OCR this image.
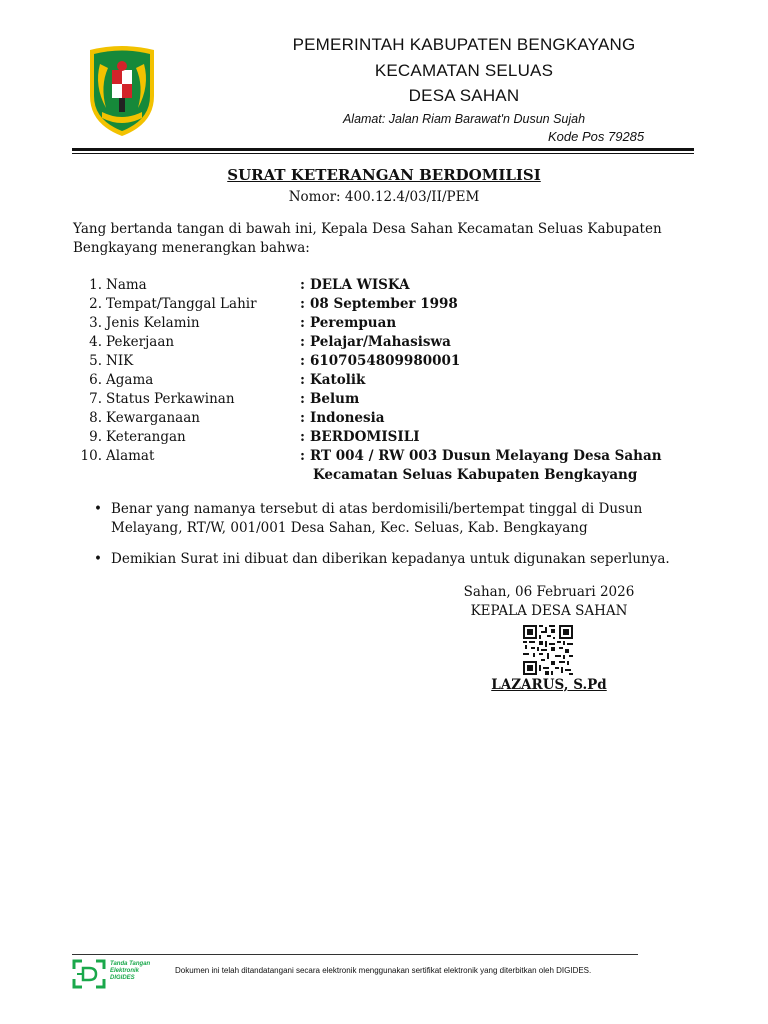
PEMERINTAH KABUPATEN BENGKAYANG
KECAMATAN SELUAS
DESA SAHAN
Alamat: Jalan Riam Barawat'n Dusun Sujah
Kode Pos 79285
SURAT KETERANGAN BERDOMILISI
Nomor: 400.12.4/03/II/PEM
Yang bertanda tangan di bawah ini, Kepala Desa Sahan Kecamatan Seluas Kabupaten Bengkayang menerangkan bahwa:
1. Nama	: DELA WISKA
2. Tempat/Tanggal Lahir	: 08 September 1998
3. Jenis Kelamin	: Perempuan
4. Pekerjaan	: Pelajar/Mahasiswa
5. NIK	: 6107054809980001
6. Agama	: Katolik
7. Status Perkawinan	: Belum
8. Kewarganaan	: Indonesia
9. Keterangan	: BERDOMISILI
10. Alamat	: RT 004 / RW 003 Dusun Melayang Desa Sahan
Kecamatan Seluas Kabupaten Bengkayang
• Benar yang namanya tersebut di atas berdomisili/bertempat tinggal di Dusun Melayang, RT/W, 001/001 Desa Sahan, Kec. Seluas, Kab. Bengkayang
• Demikian Surat ini dibuat dan diberikan kepadanya untuk digunakan seperlunya.
Sahan, 06 Februari 2026
KEPALA DESA SAHAN
LAZARUS, S.Pd
Tanda Tangan
Elektronik
DIGIDES
Dokumen ini telah ditandatangani secara elektronik menggunakan sertifikat elektronik yang diterbitkan oleh DIGIDES.
